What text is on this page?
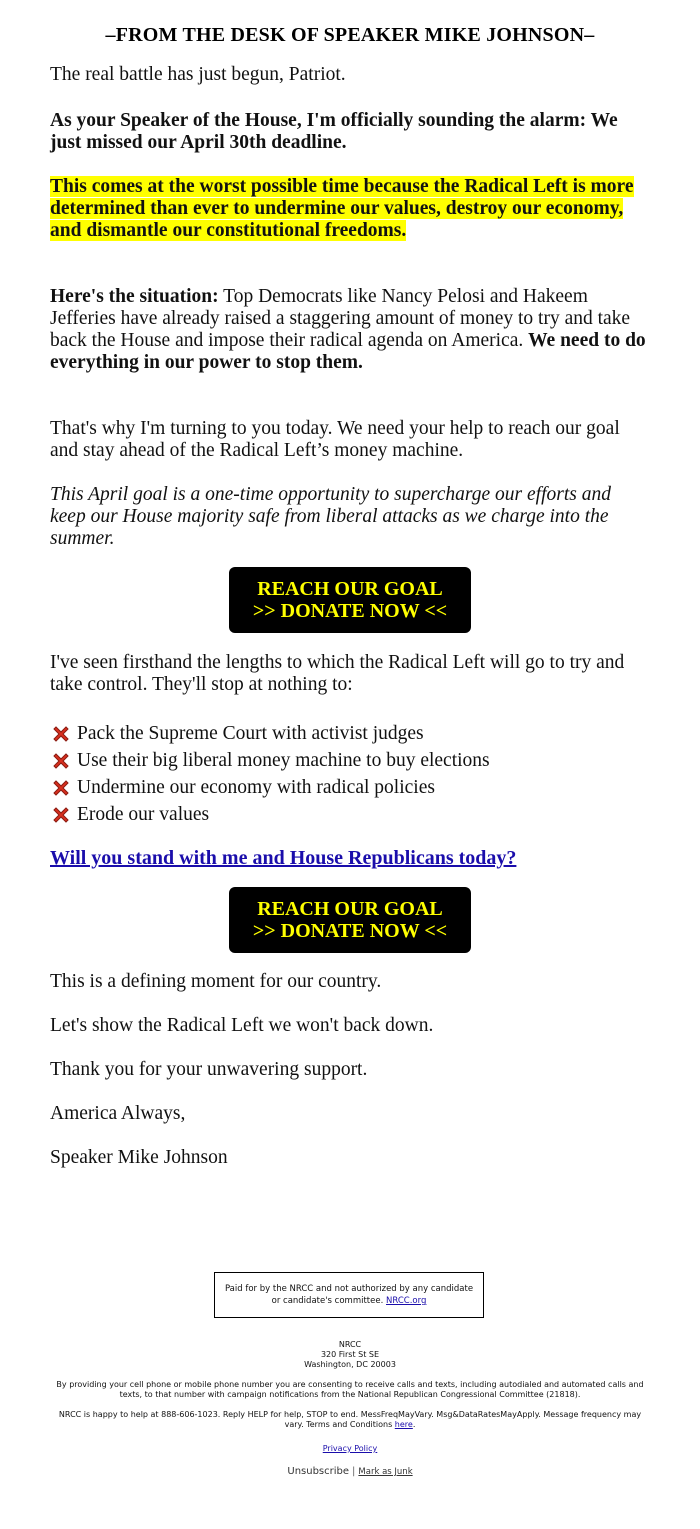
–FROM THE DESK OF SPEAKER MIKE JOHNSON–
The real battle has just begun, Patriot.
As your Speaker of the House, I'm officially sounding the alarm: We just missed our April 30th deadline.
This comes at the worst possible time because the Radical Left is more determined than ever to undermine our values, destroy our economy, and dismantle our constitutional freedoms.
Here's the situation: Top Democrats like Nancy Pelosi and Hakeem Jefferies have already raised a staggering amount of money to try and take back the House and impose their radical agenda on America. We need to do everything in our power to stop them.
That's why I'm turning to you today. We need your help to reach our goal and stay ahead of the Radical Left’s money machine.
This April goal is a one-time opportunity to supercharge our efforts and keep our House majority safe from liberal attacks as we charge into the summer.
REACH OUR GOAL
>> DONATE NOW <<
I've seen firsthand the lengths to which the Radical Left will go to try and take control. They'll stop at nothing to:
Pack the Supreme Court with activist judges
Use their big liberal money machine to buy elections
Undermine our economy with radical policies
Erode our values
Will you stand with me and House Republicans today?
REACH OUR GOAL
>> DONATE NOW <<
This is a defining moment for our country.
Let's show the Radical Left we won't back down.
Thank you for your unwavering support.
America Always,
Speaker Mike Johnson
Paid for by the NRCC and not authorized by any candidate or candidate's committee. NRCC.org
NRCC
320 First St SE
Washington, DC 20003
By providing your cell phone or mobile phone number you are consenting to receive calls and texts, including autodialed and automated calls and texts, to that number with campaign notifications from the National Republican Congressional Committee (21818).
NRCC is happy to help at 888-606-1023. Reply HELP for help, STOP to end. MessFreqMayVary. Msg&DataRatesMayApply. Message frequency may vary. Terms and Conditions here.
Privacy Policy
Unsubscribe | Mark as Junk
